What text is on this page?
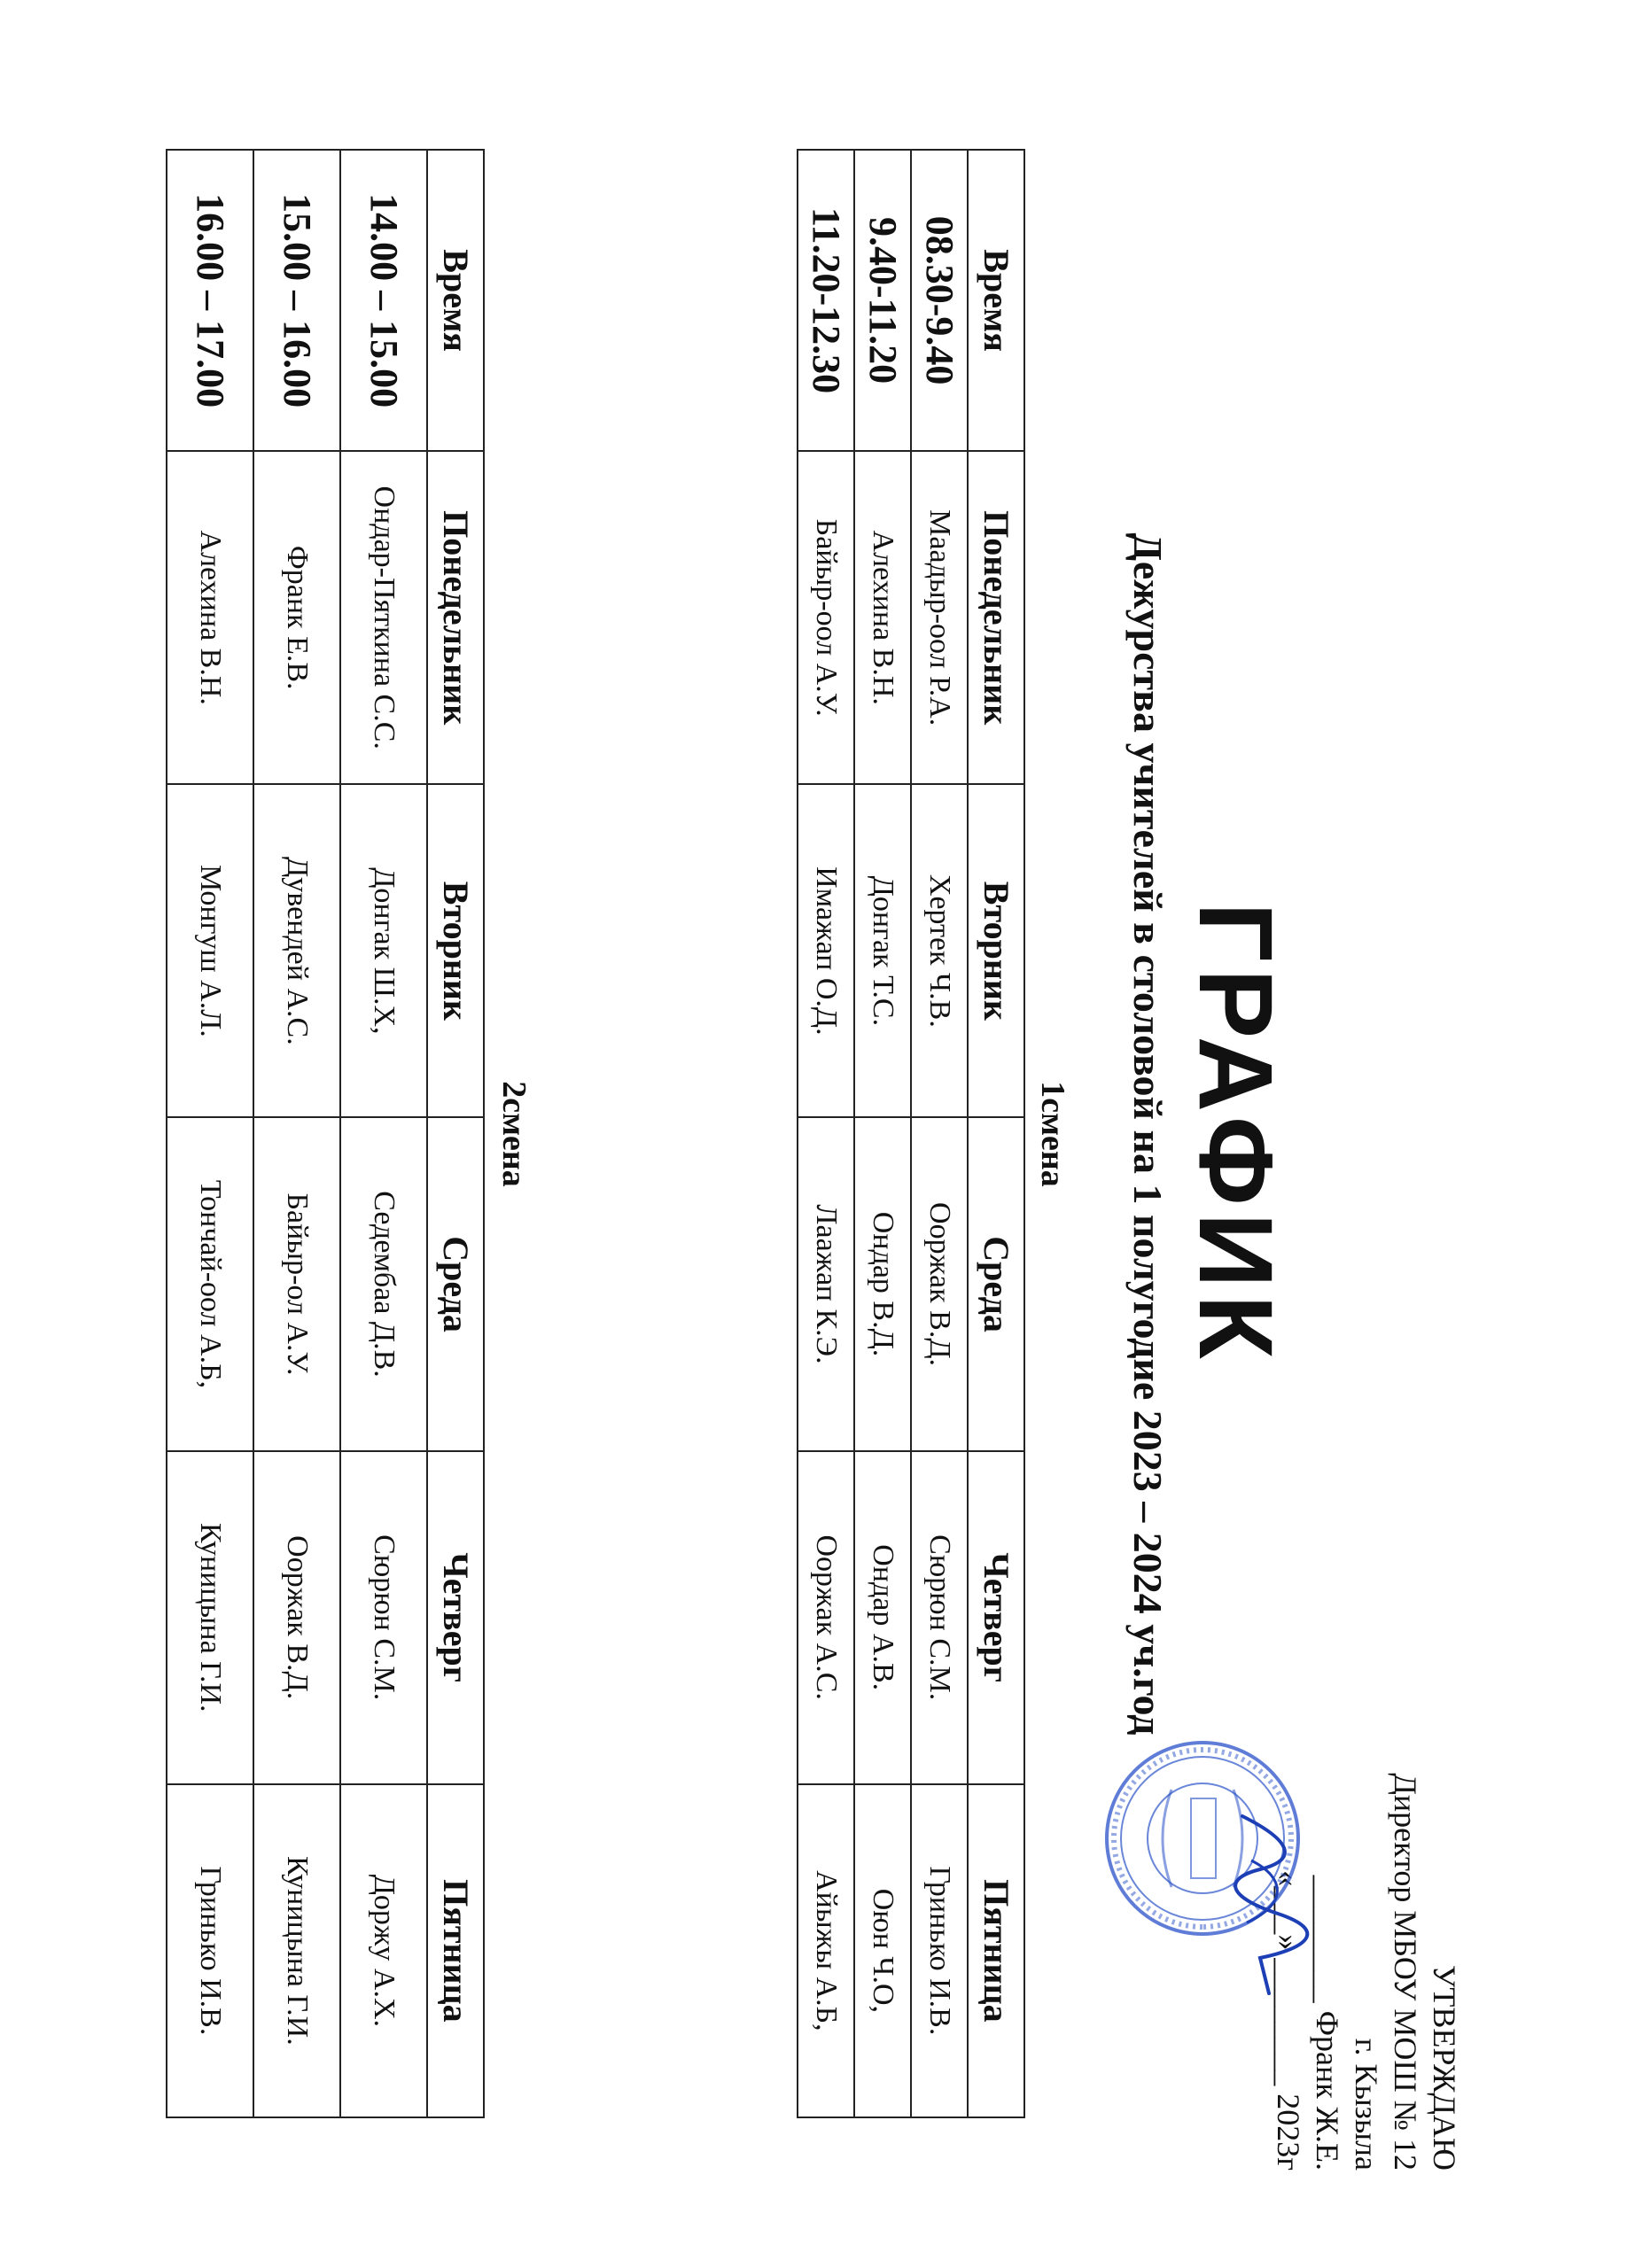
УТВЕРЖДАЮ
Директор МБОУ МОШ № 12
г. Кызыла
________ Франк Ж.Е.
«___» ________ 2023г
ГРАФИК
Дежурства учителей в столовой на 1 полугодие 2023 – 2024 уч.год
1смена
Время	Понедельник	Вторник	Среда	Четверг	Пятница
08.30-9.40	Маадыр-оол Р.А.	Хертек Ч.В.	Ооржак В.Д.	Сюрюн С.М.	Гринько И.В.
9.40-11.20	Алехина В.Н.	Донгак Т.С.	Ондар В.Д.	Ондар А.В.	Оюн Ч.О,
11.20-12.30	Байыр-оол А.У.	Имажап О.Д.	Лаажап К.Э.	Ооржак А.С.	Айыжы А.Б,
2смена
Время	Понедельник	Вторник	Среда	Четверг	Пятница
14.00 – 15.00	Ондар-Пяткина С.С.	Донгак Ш.Х,	Седембаа Д.В.	Сюрюн С.М.	Доржу А.Х.
15.00 – 16.00	Франк Е.В.	Дувендей А.С.	Байыр-ол А.У.	Ооржак В.Д.	Куницына Г.И.
16.00 – 17.00	Алехина В.Н.	Монгуш А.Л.	Тончай-оол А.Б,	Куницына Г.И.	Гринько И.В.
